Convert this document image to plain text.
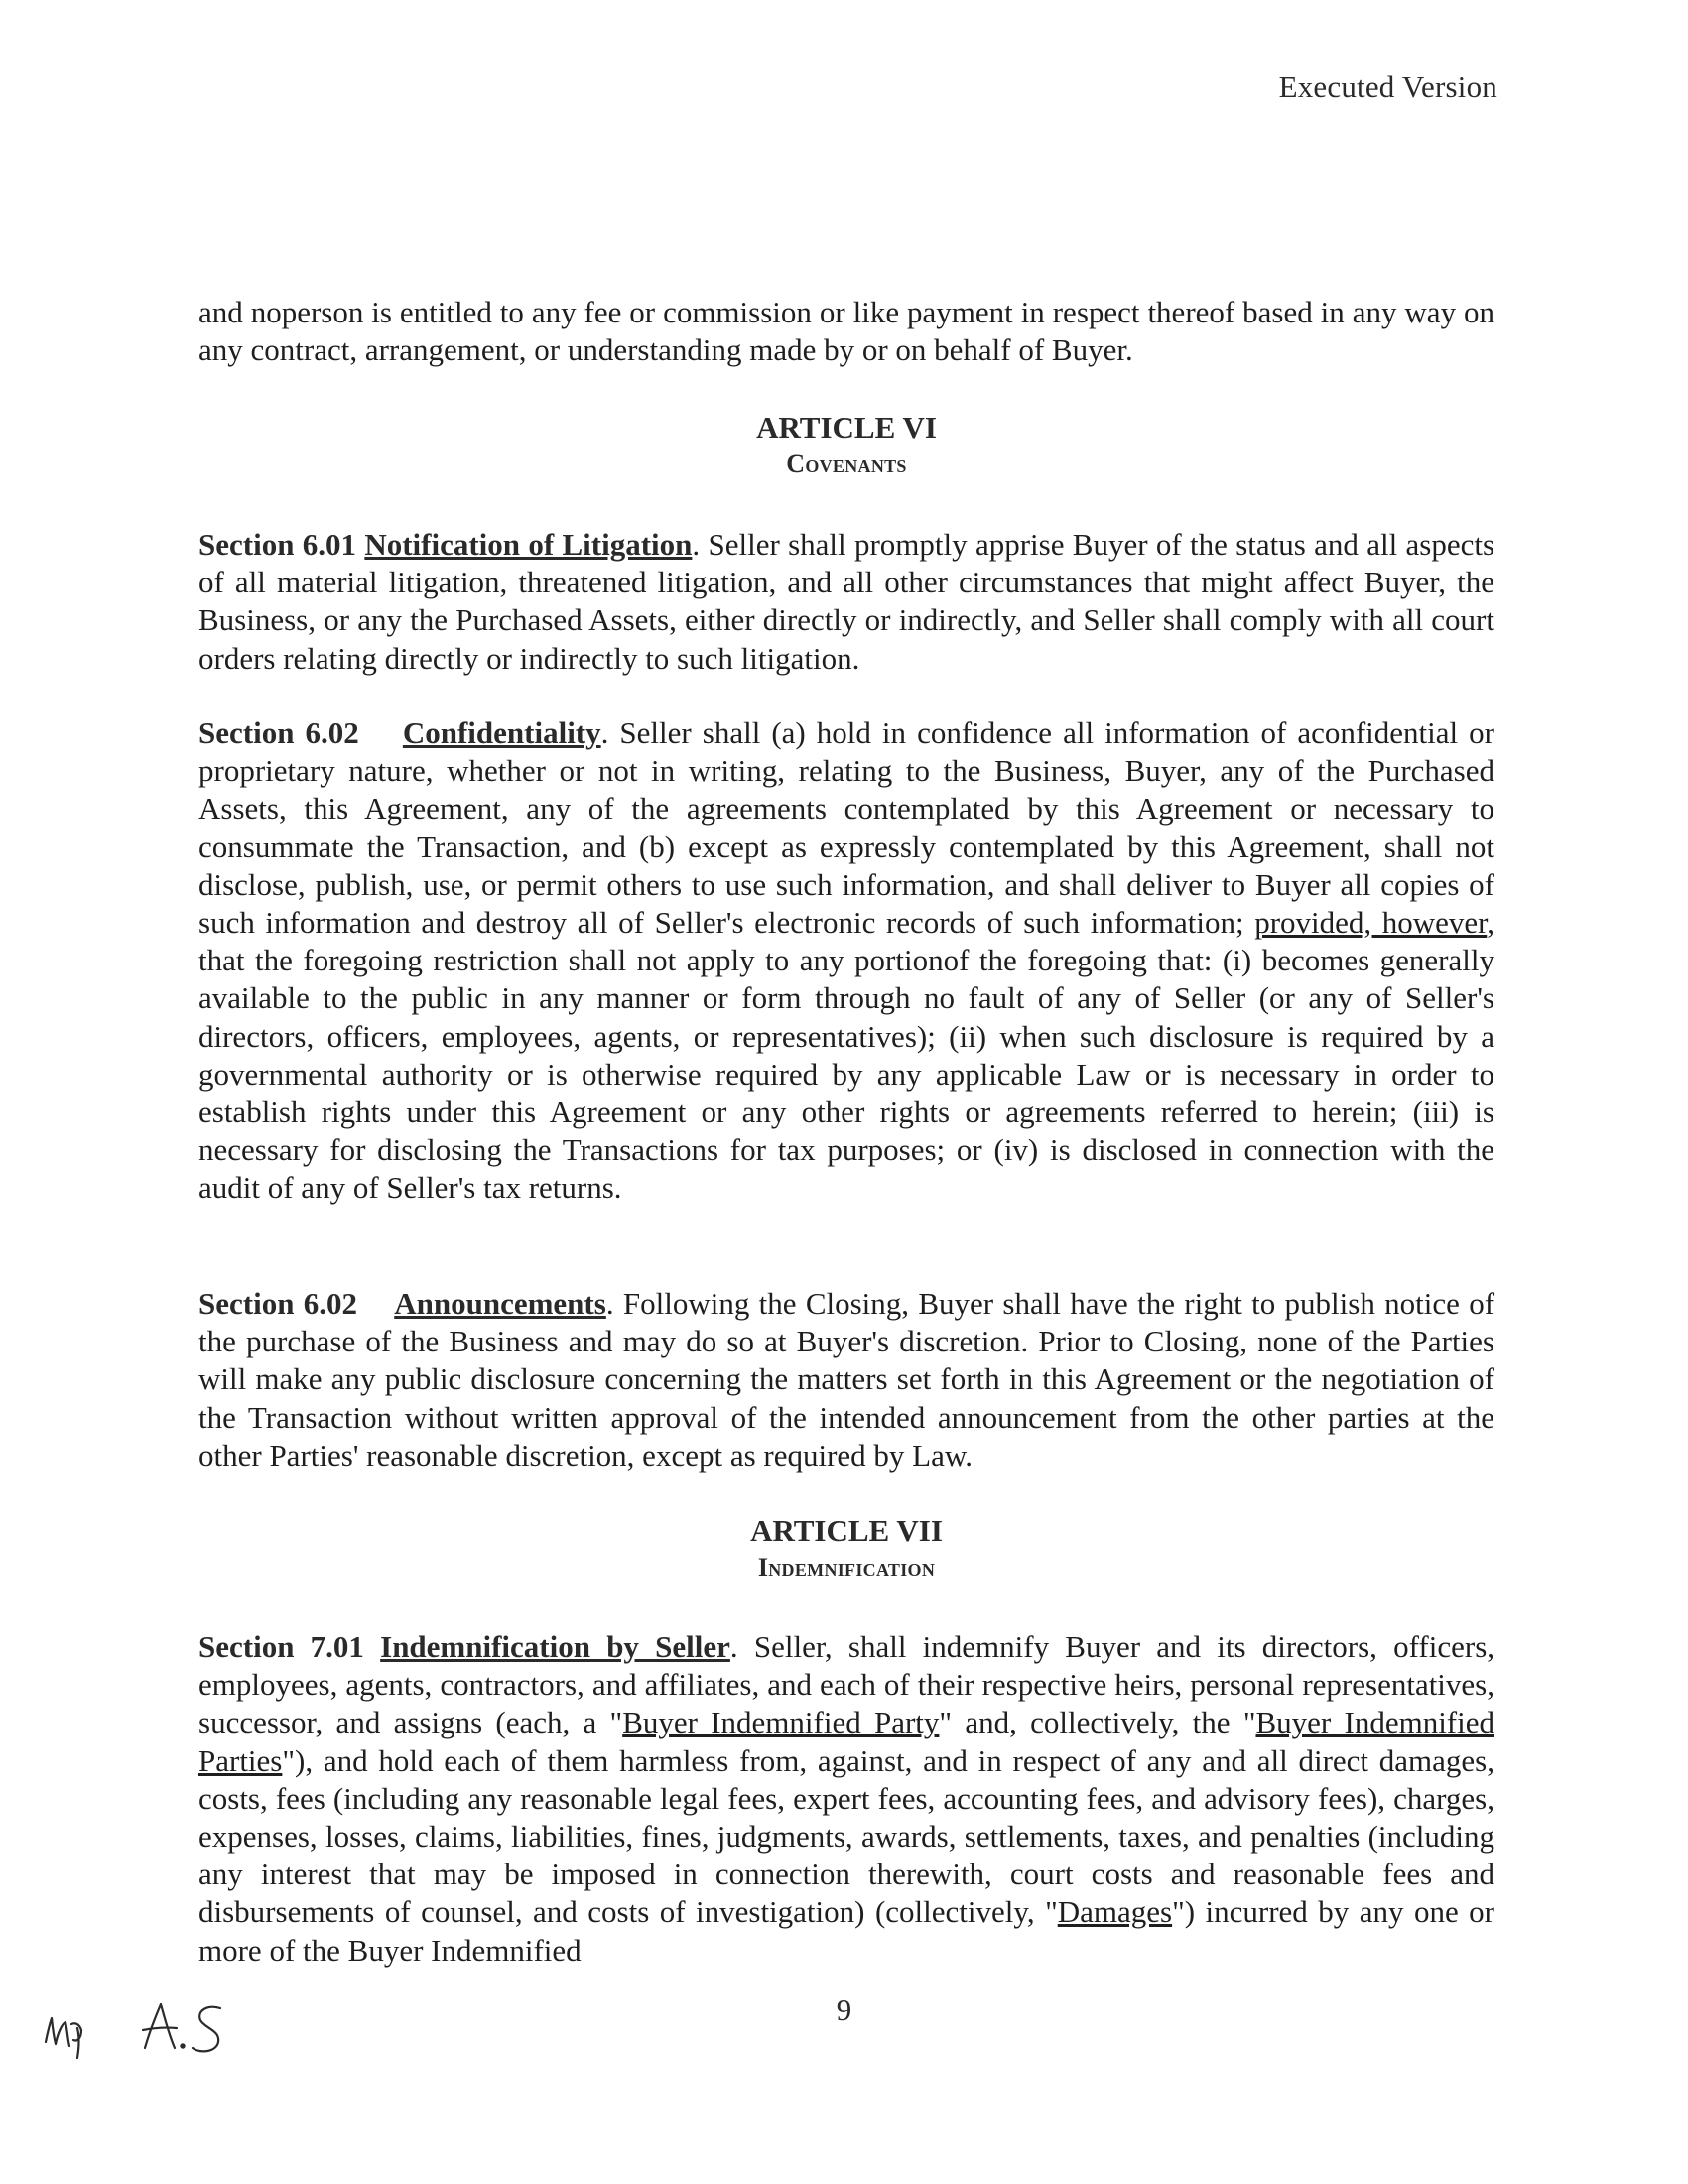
Executed Version

and noperson is entitled to any fee or commission or like payment in respect thereof based in any way on any contract, arrangement, or understanding made by or on behalf of Buyer.

ARTICLE VI
Covenants

Section 6.01 Notification of Litigation. Seller shall promptly apprise Buyer of the status and all aspects of all material litigation, threatened litigation, and all other circumstances that might affect Buyer, the Business, or any the Purchased Assets, either directly or indirectly, and Seller shall comply with all court orders relating directly or indirectly to such litigation.

Section 6.02 Confidentiality. Seller shall (a) hold in confidence all information of aconfidential or proprietary nature, whether or not in writing, relating to the Business, Buyer, any of the Purchased Assets, this Agreement, any of the agreements contemplated by this Agreement or necessary to consummate the Transaction, and (b) except as expressly contemplated by this Agreement, shall not disclose, publish, use, or permit others to use such information, and shall deliver to Buyer all copies of such information and destroy all of Seller's electronic records of such information; provided, however, that the foregoing restriction shall not apply to any portionof the foregoing that: (i) becomes generally available to the public in any manner or form through no fault of any of Seller (or any of Seller's directors, officers, employees, agents, or representatives); (ii) when such disclosure is required by a governmental authority or is otherwise required by any applicable Law or is necessary in order to establish rights under this Agreement or any other rights or agreements referred to herein; (iii) is necessary for disclosing the Transactions for tax purposes; or (iv) is disclosed in connection with the audit of any of Seller's tax returns.

Section 6.02 Announcements. Following the Closing, Buyer shall have the right to publish notice of the purchase of the Business and may do so at Buyer's discretion. Prior to Closing, none of the Parties will make any public disclosure concerning the matters set forth in this Agreement or the negotiation of the Transaction without written approval of the intended announcement from the other parties at the other Parties' reasonable discretion, except as required by Law.

ARTICLE VII
Indemnification

Section 7.01 Indemnification by Seller. Seller, shall indemnify Buyer and its directors, officers, employees, agents, contractors, and affiliates, and each of their respective heirs, personal representatives, successor, and assigns (each, a "Buyer Indemnified Party" and, collectively, the "Buyer Indemnified Parties"), and hold each of them harmless from, against, and in respect of any and all direct damages, costs, fees (including any reasonable legal fees, expert fees, accounting fees, and advisory fees), charges, expenses, losses, claims, liabilities, fines, judgments, awards, settlements, taxes, and penalties (including any interest that may be imposed in connection therewith, court costs and reasonable fees and disbursements of counsel, and costs of investigation) (collectively, "Damages") incurred by any one or more of the Buyer Indemnified

9
